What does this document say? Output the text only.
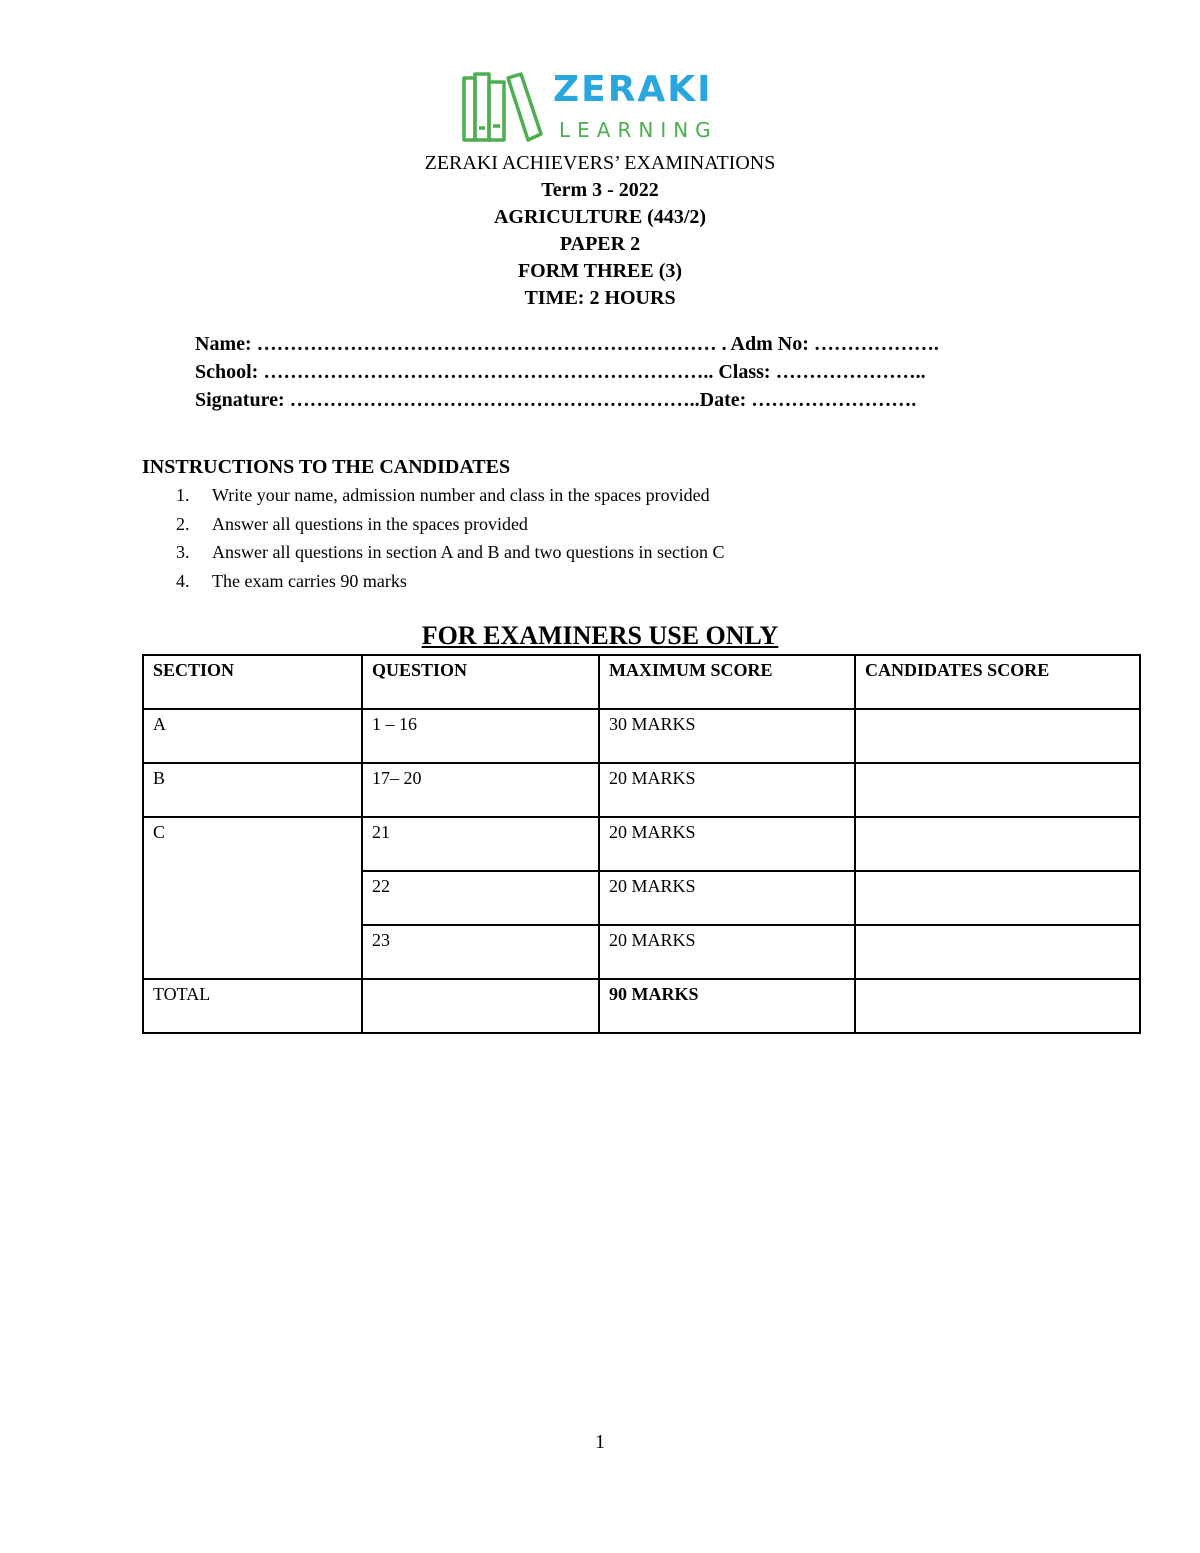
ZERAKI
LEARNING
ZERAKI ACHIEVERS’ EXAMINATIONS
Term 3 - 2022
AGRICULTURE (443/2)
PAPER 2
FORM THREE (3)
TIME: 2 HOURS
Name: …………………………………………………………… . Adm No: ……………….
School: ………………………………………………………….. Class: …………………..
Signature: ……………………………………………………..Date: …………………….
INSTRUCTIONS TO THE CANDIDATES
1. Write your name, admission number and class in the spaces provided
2. Answer all questions in the spaces provided
3. Answer all questions in section A and B and two questions in section C
4. The exam carries 90 marks
FOR EXAMINERS USE ONLY
SECTION	QUESTION	MAXIMUM SCORE	CANDIDATES SCORE
A	1 – 16	30 MARKS	
B	17– 20	20 MARKS	
C	21	20 MARKS	
	22	20 MARKS	
	23	20 MARKS	
TOTAL		90 MARKS	
1
